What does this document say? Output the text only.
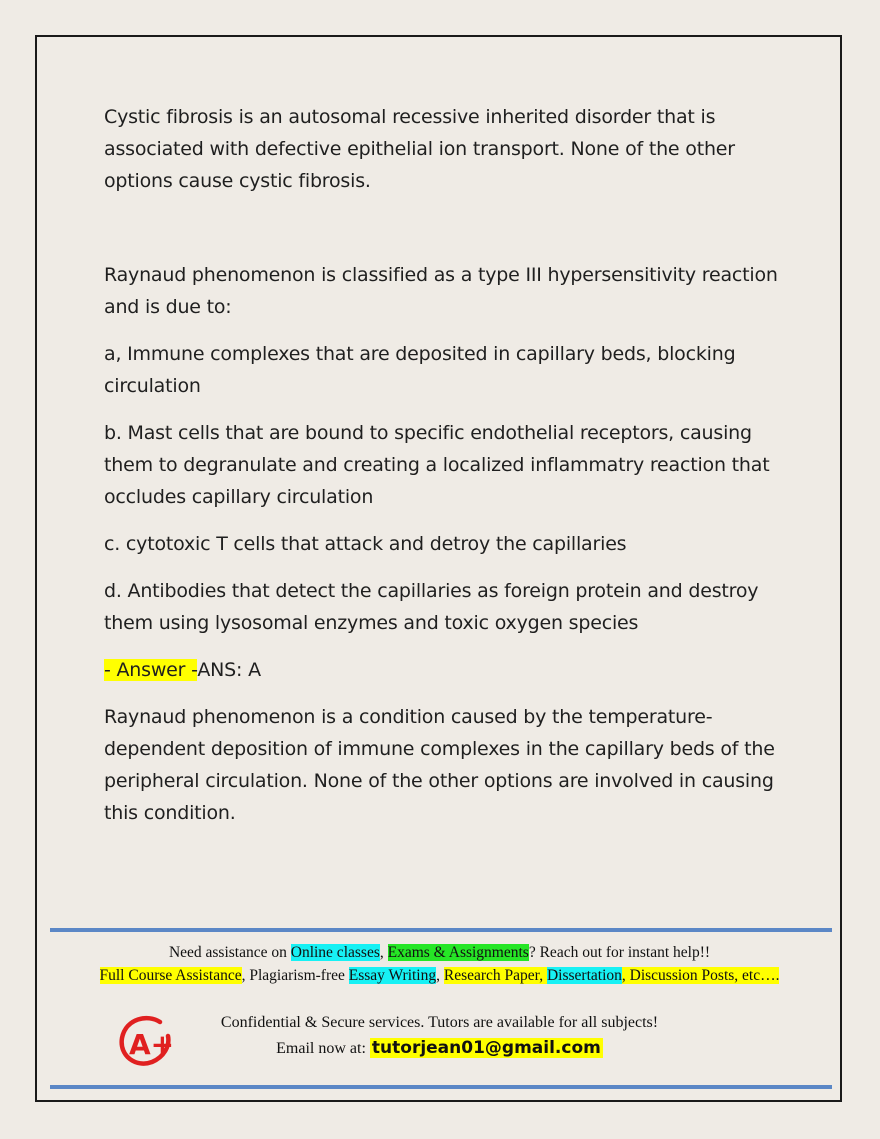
Cystic fibrosis is an autosomal recessive inherited disorder that is associated with defective epithelial ion transport. None of the other options cause cystic fibrosis.

Raynaud phenomenon is classified as a type III hypersensitivity reaction and is due to:

a, Immune complexes that are deposited in capillary beds, blocking circulation

b. Mast cells that are bound to specific endothelial receptors, causing them to degranulate and creating a localized inflammatry reaction that occludes capillary circulation

c. cytotoxic T cells that attack and detroy the capillaries

d. Antibodies that detect the capillaries as foreign protein and destroy them using lysosomal enzymes and toxic oxygen species

- Answer -ANS: A

Raynaud phenomenon is a condition caused by the temperature-dependent deposition of immune complexes in the capillary beds of the peripheral circulation. None of the other options are involved in causing this condition.

Need assistance on Online classes, Exams & Assignments? Reach out for instant help!!
Full Course Assistance, Plagiarism-free Essay Writing, Research Paper, Dissertation, Discussion Posts, etc….
A+
Confidential & Secure services. Tutors are available for all subjects!
Email now at: tutorjean01@gmail.com
